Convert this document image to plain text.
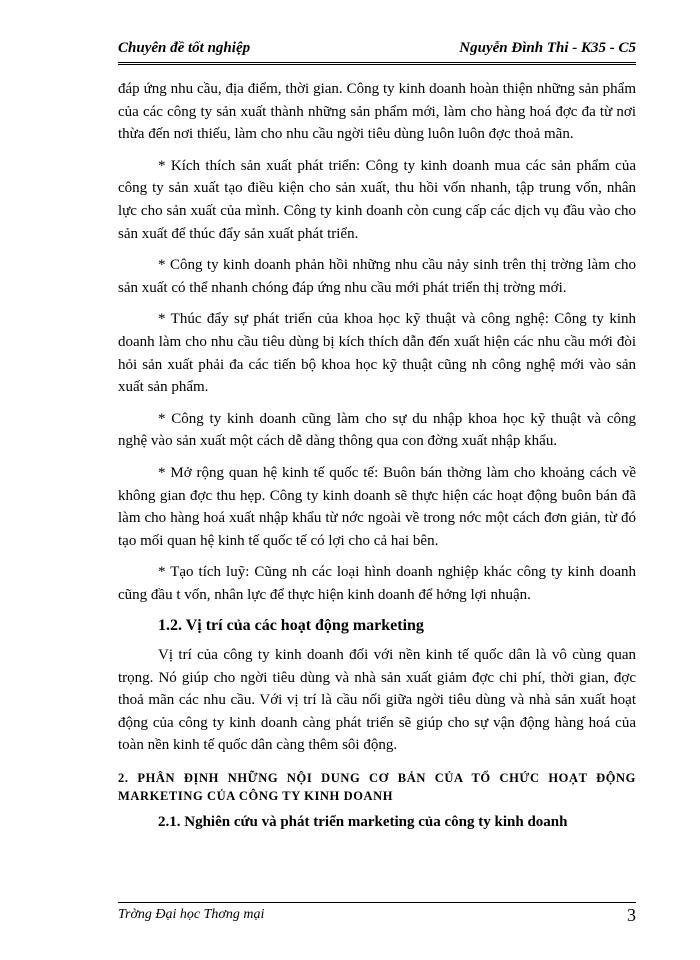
Chuyên đề tốt nghiệp	Nguyễn Đình Thi - K35 - C5

đáp ứng nhu cầu, địa điểm, thời gian. Công ty kinh doanh hoàn thiện những sản phẩm của các công ty sản xuất thành những sản phẩm mới, làm cho hàng hoá đợc đa từ nơi thừa đến nơi thiếu, làm cho nhu cầu ngời tiêu dùng luôn luôn đợc thoả mãn.

* Kích thích sản xuất phát triển: Công ty kinh doanh mua các sản phẩm của công ty sản xuất tạo điều kiện cho sản xuất, thu hồi vốn nhanh, tập trung vốn, nhân lực cho sản xuất của mình. Công ty kinh doanh còn cung cấp các dịch vụ đầu vào cho sản xuất để thúc đẩy sản xuất phát triển.

* Công ty kinh doanh phản hồi những nhu cầu nảy sinh trên thị trờng làm cho sản xuất có thể nhanh chóng đáp ứng nhu cầu mới phát triển thị trờng mới.

* Thúc đẩy sự phát triển của khoa học kỹ thuật và công nghệ: Công ty kinh doanh làm cho nhu cầu tiêu dùng bị kích thích dẫn đến xuất hiện các nhu cầu mới đòi hỏi sản xuất phải đa các tiến bộ khoa học kỹ thuật cũng nh công nghệ mới vào sản xuất sản phẩm.

* Công ty kinh doanh cũng làm cho sự du nhập khoa học kỹ thuật và công nghệ vào sản xuất một cách dễ dàng thông qua con đờng xuất nhập khẩu.

* Mở rộng quan hệ kinh tế quốc tế: Buôn bán thờng làm cho khoảng cách về không gian đợc thu hẹp. Công ty kinh doanh sẽ thực hiện các hoạt động buôn bán đã làm cho hàng hoá xuất nhập khẩu từ nớc ngoài về trong nớc một cách đơn giản, từ đó tạo mối quan hệ kinh tế quốc tế có lợi cho cả hai bên.

* Tạo tích luỹ: Cũng nh các loại hình doanh nghiệp khác công ty kinh doanh cũng đầu t vốn, nhân lực để thực hiện kinh doanh để hởng lợi nhuận.

1.2. Vị trí của các hoạt động marketing

Vị trí của công ty kinh doanh đối với nền kinh tế quốc dân là vô cùng quan trọng. Nó giúp cho ngời tiêu dùng và nhà sản xuất giảm đợc chi phí, thời gian, đợc thoả mãn các nhu cầu. Với vị trí là cầu nối giữa ngời tiêu dùng và nhà sản xuất hoạt động của công ty kinh doanh càng phát triển sẽ giúp cho sự vận động hàng hoá của toàn nền kinh tế quốc dân càng thêm sôi động.

2. PHÂN ĐỊNH NHỮNG NỘI DUNG CƠ BẢN CỦA TỔ CHỨC HOẠT ĐỘNG MARKETING CỦA CÔNG TY KINH DOANH

2.1. Nghiên cứu và phát triển marketing của công ty kinh doanh

Trờng Đại học Thơng mại	3
